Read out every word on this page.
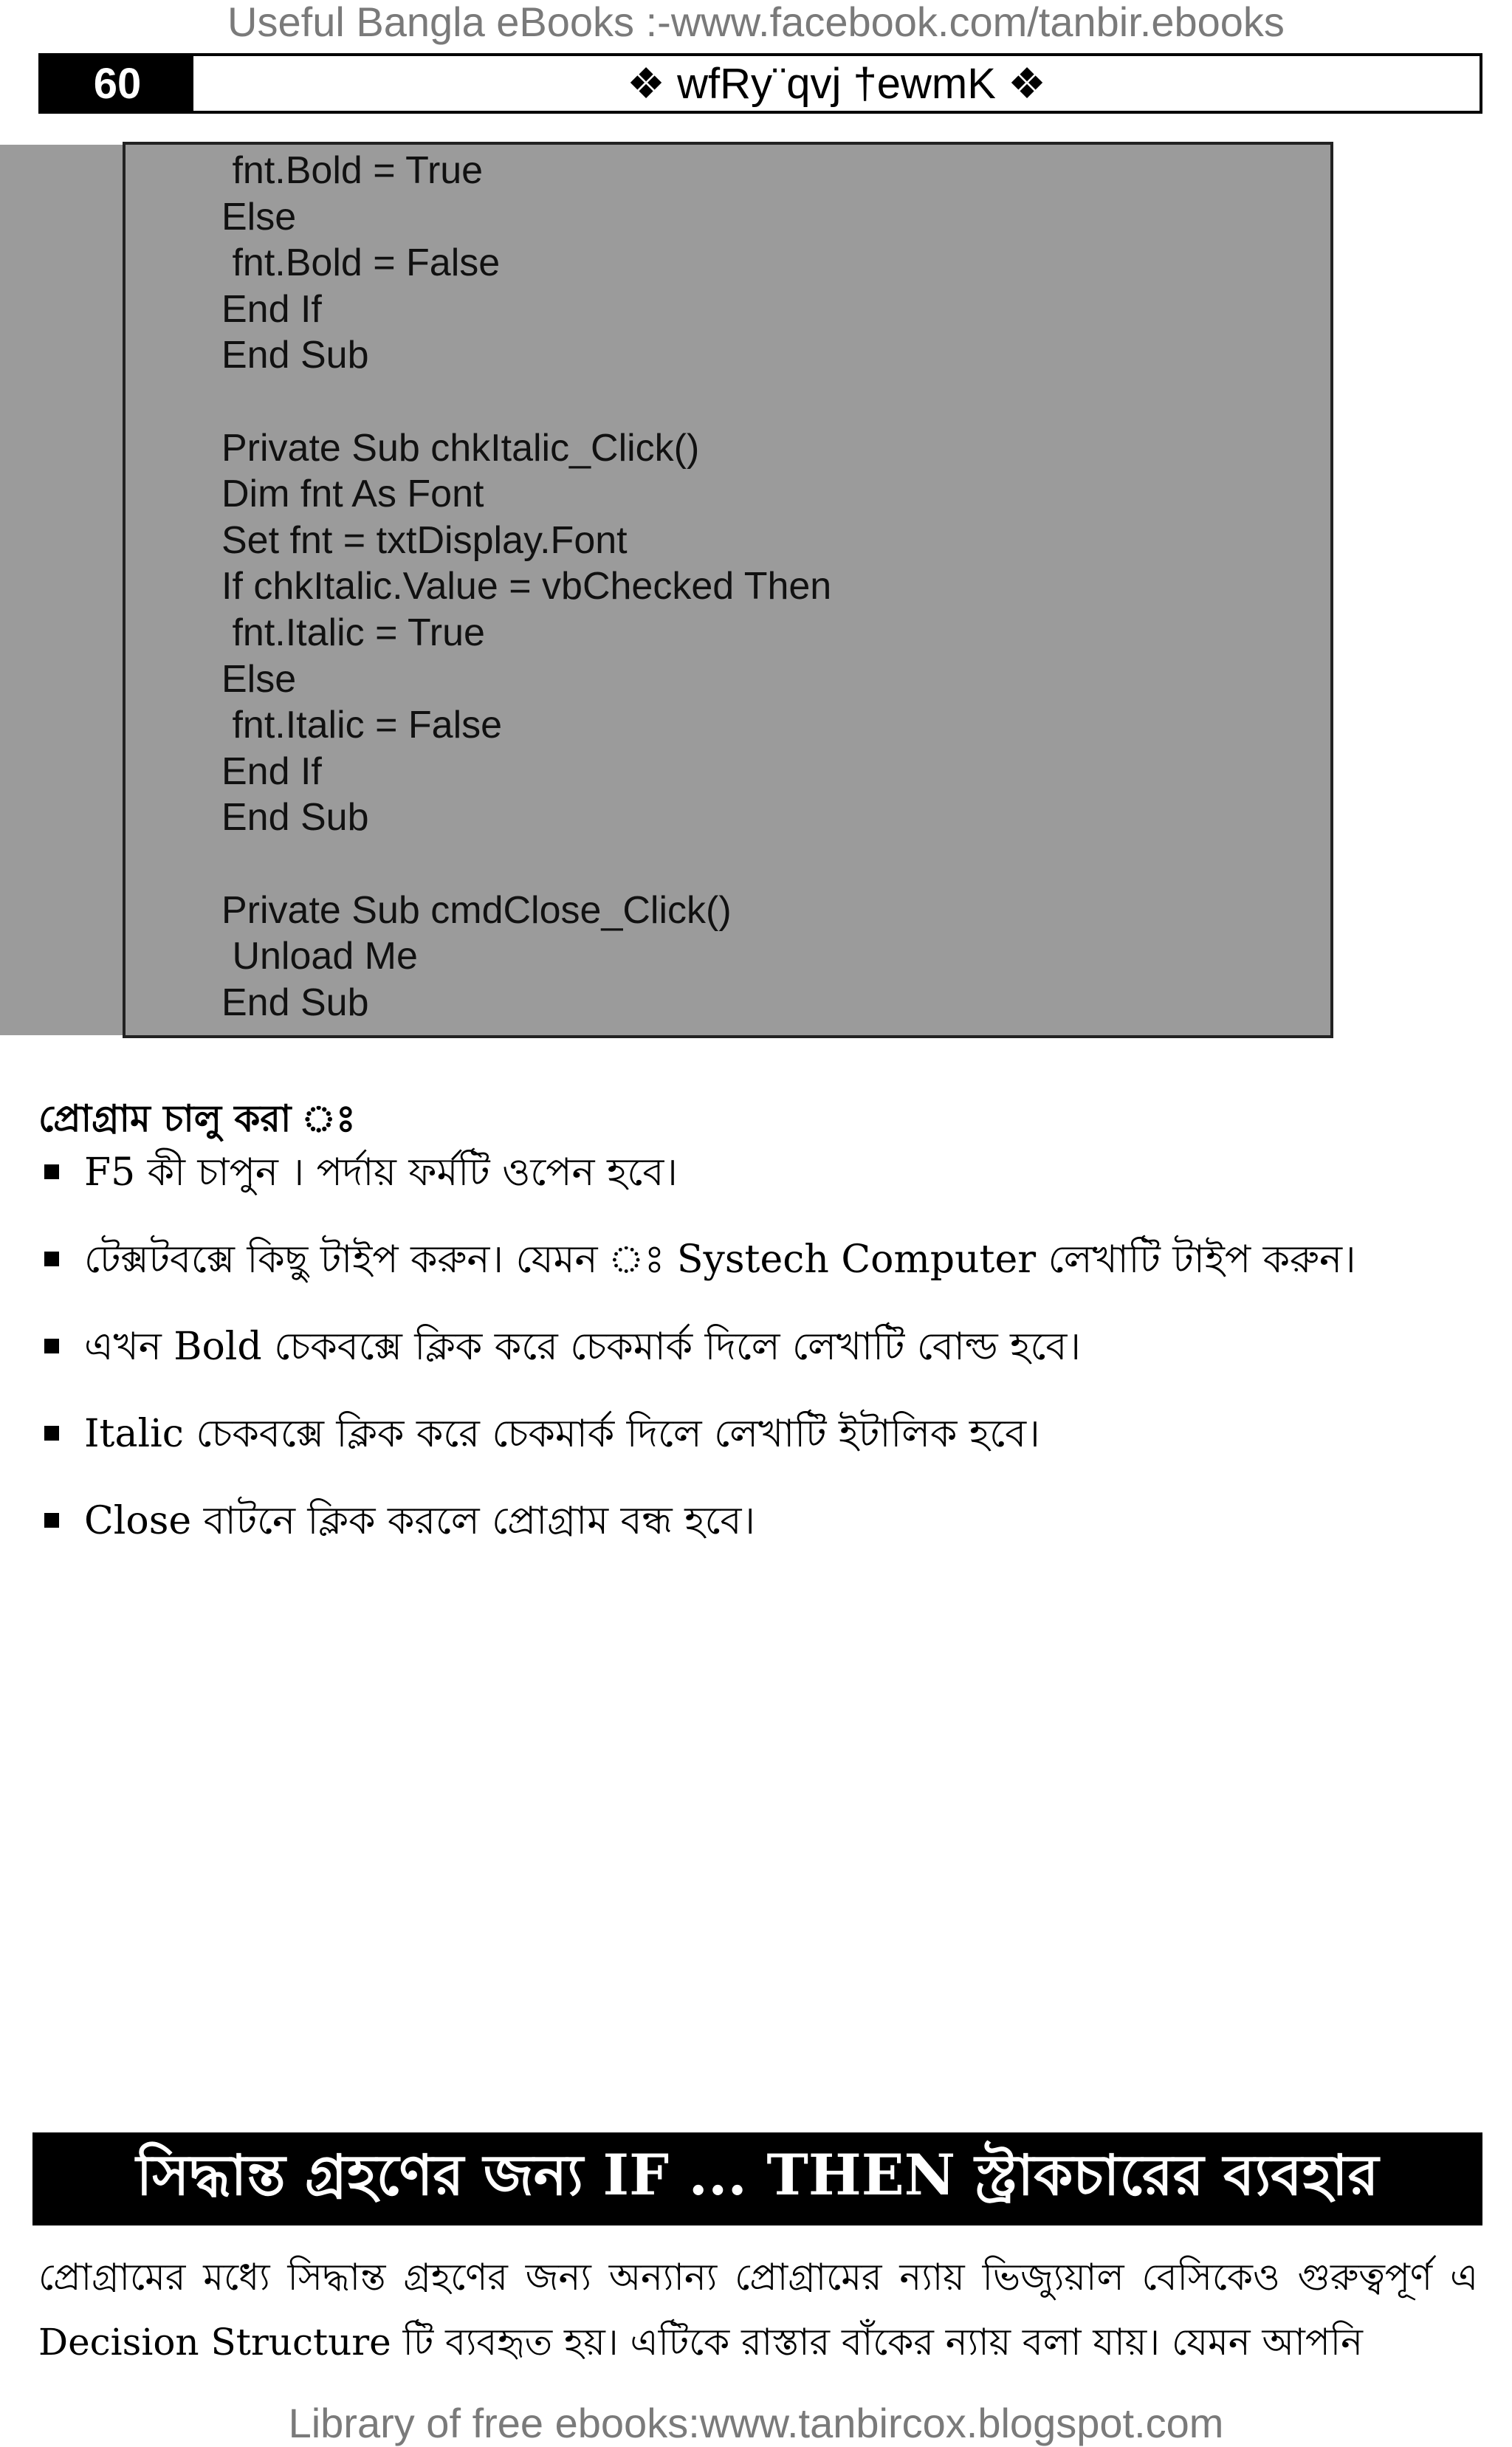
Useful Bangla eBooks :-www.facebook.com/tanbir.ebooks
60	❖ wfRy¨qvj †ewmK ❖
fnt.Bold = True
Else
fnt.Bold = False
End If
End Sub
Private Sub chkItalic_Click()
Dim fnt As Font
Set fnt = txtDisplay.Font
If chkItalic.Value = vbChecked Then
fnt.Italic = True
Else
fnt.Italic = False
End If
End Sub
Private Sub cmdClose_Click()
Unload Me
End Sub
প্রোগ্রাম চালু করা ঃ
F5 কী চাপুন । পর্দায় ফর্মটি ওপেন হবে।
টেক্সটবক্সে কিছু টাইপ করুন। যেমন ঃ Systech Computer লেখাটি টাইপ করুন।
এখন Bold চেকবক্সে ক্লিক করে চেকমার্ক দিলে লেখাটি বোল্ড হবে।
Italic চেকবক্সে ক্লিক করে চেকমার্ক দিলে লেখাটি ইটালিক হবে।
Close বাটনে ক্লিক করলে প্রোগ্রাম বন্ধ হবে।
সিদ্ধান্ত গ্রহণের জন্য IF ... THEN স্ট্রাকচারের ব্যবহার

প্রোগ্রামের মধ্যে সিদ্ধান্ত গ্রহণের জন্য অন্যান্য প্রোগ্রামের ন্যায় ভিজ্যুয়াল বেসিকেও গুরুত্বপূর্ণ এ Decision Structure টি ব্যবহৃত হয়। এটিকে রাস্তার বাঁকের ন্যায় বলা যায়। যেমন আপনি

Library of free ebooks:www.tanbircox.blogspot.com
